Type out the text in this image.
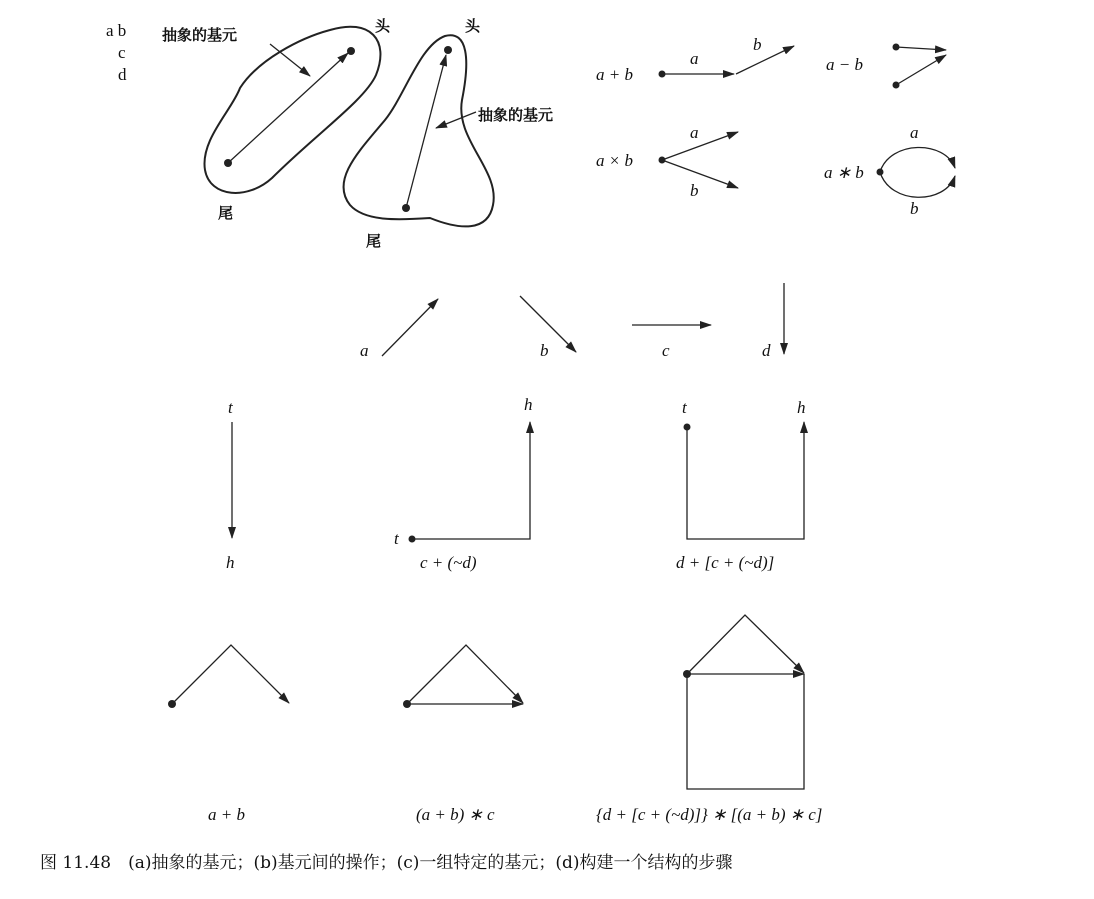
a b
c
d
抽象的基元	头
尾
抽象的基元
头
尾
a + b
a
b
a − b
a × b
a
b
a ∗ b
a
b
a	b	c	d
t
h
t
h
c + (~d)
t	h
d + [c + (~d)]
a + b	(a + b) ∗ c	{d + [c + (~d)]} ∗ [(a + b) ∗ c]
图 11.48　(a)抽象的基元；(b)基元间的操作；(c)一组特定的基元；(d)构建一个结构的步骤
